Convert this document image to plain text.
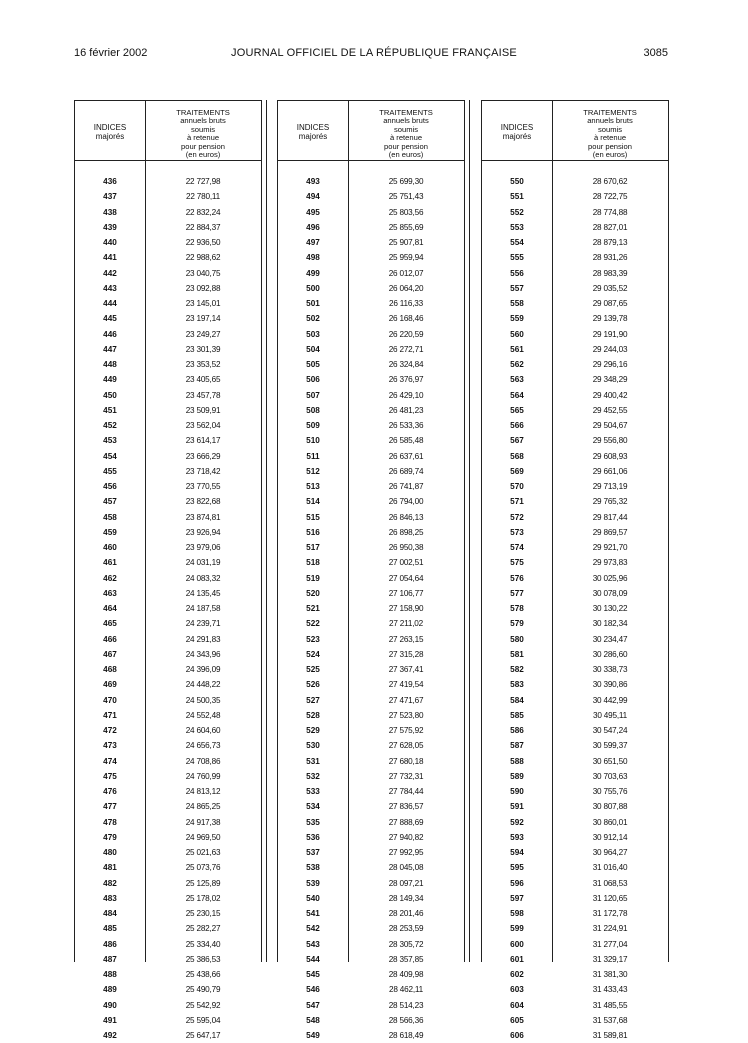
16 février 2002	JOURNAL OFFICIEL DE LA RÉPUBLIQUE FRANÇAISE	3085
INDICES
majorés
TRAITEMENTS
annuels bruts
soumis
à retenue
pour pension
(en euros)
436	22 727,98
437	22 780,11
438	22 832,24
439	22 884,37
440	22 936,50
441	22 988,62
442	23 040,75
443	23 092,88
444	23 145,01
445	23 197,14
446	23 249,27
447	23 301,39
448	23 353,52
449	23 405,65
450	23 457,78
451	23 509,91
452	23 562,04
453	23 614,17
454	23 666,29
455	23 718,42
456	23 770,55
457	23 822,68
458	23 874,81
459	23 926,94
460	23 979,06
461	24 031,19
462	24 083,32
463	24 135,45
464	24 187,58
465	24 239,71
466	24 291,83
467	24 343,96
468	24 396,09
469	24 448,22
470	24 500,35
471	24 552,48
472	24 604,60
473	24 656,73
474	24 708,86
475	24 760,99
476	24 813,12
477	24 865,25
478	24 917,38
479	24 969,50
480	25 021,63
481	25 073,76
482	25 125,89
483	25 178,02
484	25 230,15
485	25 282,27
486	25 334,40
487	25 386,53
488	25 438,66
489	25 490,79
490	25 542,92
491	25 595,04
492	25 647,17
INDICES
majorés
TRAITEMENTS
annuels bruts
soumis
à retenue
pour pension
(en euros)
493	25 699,30
494	25 751,43
495	25 803,56
496	25 855,69
497	25 907,81
498	25 959,94
499	26 012,07
500	26 064,20
501	26 116,33
502	26 168,46
503	26 220,59
504	26 272,71
505	26 324,84
506	26 376,97
507	26 429,10
508	26 481,23
509	26 533,36
510	26 585,48
511	26 637,61
512	26 689,74
513	26 741,87
514	26 794,00
515	26 846,13
516	26 898,25
517	26 950,38
518	27 002,51
519	27 054,64
520	27 106,77
521	27 158,90
522	27 211,02
523	27 263,15
524	27 315,28
525	27 367,41
526	27 419,54
527	27 471,67
528	27 523,80
529	27 575,92
530	27 628,05
531	27 680,18
532	27 732,31
533	27 784,44
534	27 836,57
535	27 888,69
536	27 940,82
537	27 992,95
538	28 045,08
539	28 097,21
540	28 149,34
541	28 201,46
542	28 253,59
543	28 305,72
544	28 357,85
545	28 409,98
546	28 462,11
547	28 514,23
548	28 566,36
549	28 618,49
INDICES
majorés
TRAITEMENTS
annuels bruts
soumis
à retenue
pour pension
(en euros)
550	28 670,62
551	28 722,75
552	28 774,88
553	28 827,01
554	28 879,13
555	28 931,26
556	28 983,39
557	29 035,52
558	29 087,65
559	29 139,78
560	29 191,90
561	29 244,03
562	29 296,16
563	29 348,29
564	29 400,42
565	29 452,55
566	29 504,67
567	29 556,80
568	29 608,93
569	29 661,06
570	29 713,19
571	29 765,32
572	29 817,44
573	29 869,57
574	29 921,70
575	29 973,83
576	30 025,96
577	30 078,09
578	30 130,22
579	30 182,34
580	30 234,47
581	30 286,60
582	30 338,73
583	30 390,86
584	30 442,99
585	30 495,11
586	30 547,24
587	30 599,37
588	30 651,50
589	30 703,63
590	30 755,76
591	30 807,88
592	30 860,01
593	30 912,14
594	30 964,27
595	31 016,40
596	31 068,53
597	31 120,65
598	31 172,78
599	31 224,91
600	31 277,04
601	31 329,17
602	31 381,30
603	31 433,43
604	31 485,55
605	31 537,68
606	31 589,81
